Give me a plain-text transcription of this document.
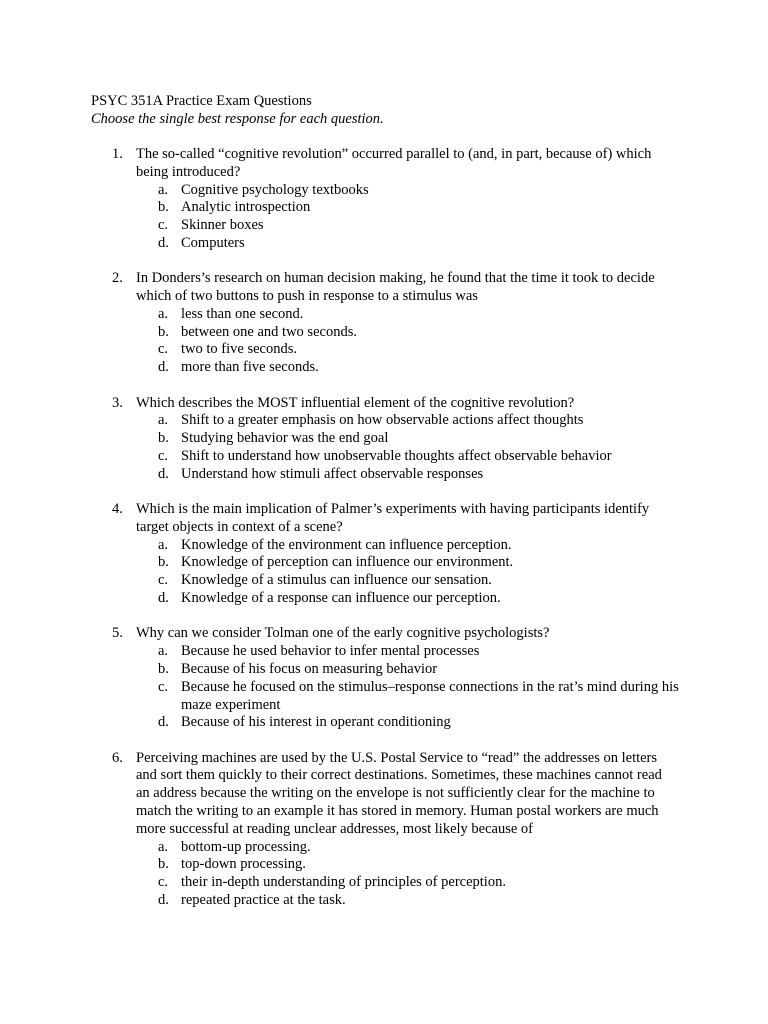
PSYC 351A Practice Exam Questions
Choose the single best response for each question.
1. The so-called “cognitive revolution” occurred parallel to (and, in part, because of) which being introduced?
a. Cognitive psychology textbooks
b. Analytic introspection
c. Skinner boxes
d. Computers
2. In Donders’s research on human decision making, he found that the time it took to decide which of two buttons to push in response to a stimulus was
a. less than one second.
b. between one and two seconds.
c. two to five seconds.
d. more than five seconds.
3. Which describes the MOST influential element of the cognitive revolution?
a. Shift to a greater emphasis on how observable actions affect thoughts
b. Studying behavior was the end goal
c. Shift to understand how unobservable thoughts affect observable behavior
d. Understand how stimuli affect observable responses
4. Which is the main implication of Palmer’s experiments with having participants identify target objects in context of a scene?
a. Knowledge of the environment can influence perception.
b. Knowledge of perception can influence our environment.
c. Knowledge of a stimulus can influence our sensation.
d. Knowledge of a response can influence our perception.
5. Why can we consider Tolman one of the early cognitive psychologists?
a. Because he used behavior to infer mental processes
b. Because of his focus on measuring behavior
c. Because he focused on the stimulus–response connections in the rat’s mind during his maze experiment
d. Because of his interest in operant conditioning
6. Perceiving machines are used by the U.S. Postal Service to “read” the addresses on letters and sort them quickly to their correct destinations. Sometimes, these machines cannot read an address because the writing on the envelope is not sufficiently clear for the machine to match the writing to an example it has stored in memory. Human postal workers are much more successful at reading unclear addresses, most likely because of
a. bottom-up processing.
b. top-down processing.
c. their in-depth understanding of principles of perception.
d. repeated practice at the task.
